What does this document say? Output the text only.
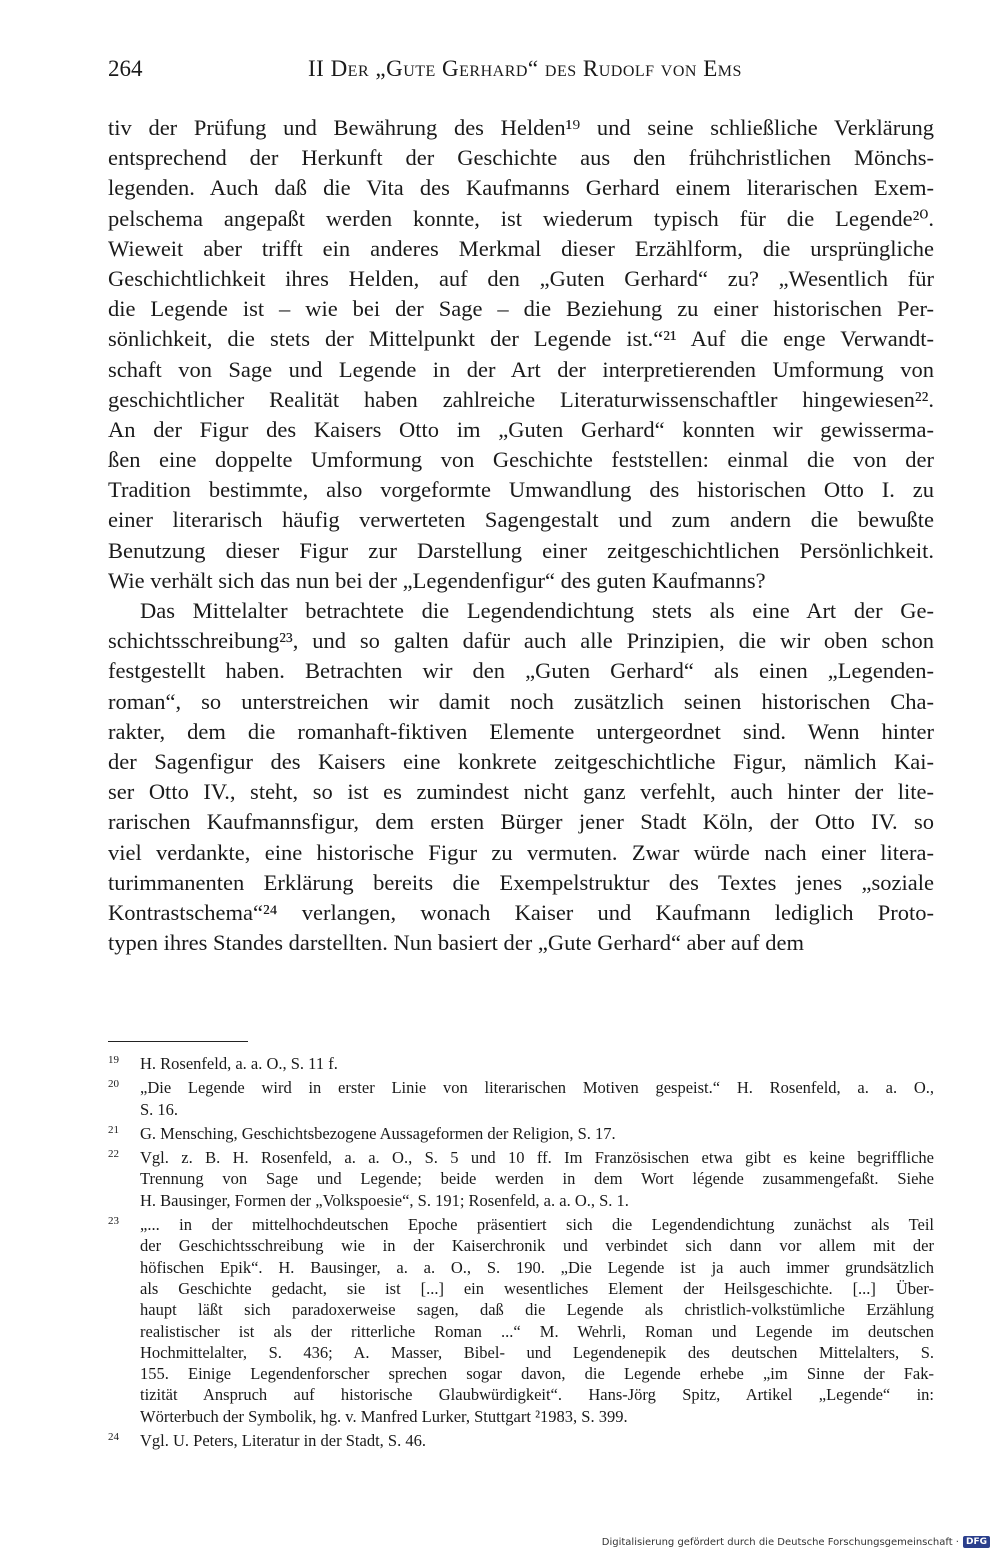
264	II Der „Gute Gerhard“ des Rudolf von Ems
tiv der Prüfung und Bewährung des Helden¹⁹ und seine schließliche Verklärung
entsprechend der Herkunft der Geschichte aus den frühchristlichen Mönchs-
legenden. Auch daß die Vita des Kaufmanns Gerhard einem literarischen Exem-
pelschema angepaßt werden konnte, ist wiederum typisch für die Legende²⁰.
Wieweit aber trifft ein anderes Merkmal dieser Erzählform, die ursprüngliche
Geschichtlichkeit ihres Helden, auf den „Guten Gerhard“ zu? „Wesentlich für
die Legende ist – wie bei der Sage – die Beziehung zu einer historischen Per-
sönlichkeit, die stets der Mittelpunkt der Legende ist.“²¹ Auf die enge Verwandt-
schaft von Sage und Legende in der Art der interpretierenden Umformung von
geschichtlicher Realität haben zahlreiche Literaturwissenschaftler hingewiesen²².
An der Figur des Kaisers Otto im „Guten Gerhard“ konnten wir gewisserma-
ßen eine doppelte Umformung von Geschichte feststellen: einmal die von der
Tradition bestimmte, also vorgeformte Umwandlung des historischen Otto I. zu
einer literarisch häufig verwerteten Sagengestalt und zum andern die bewußte
Benutzung dieser Figur zur Darstellung einer zeitgeschichtlichen Persönlichkeit.
Wie verhält sich das nun bei der „Legendenfigur“ des guten Kaufmanns?
Das Mittelalter betrachtete die Legendendichtung stets als eine Art der Ge-
schichtsschreibung²³, und so galten dafür auch alle Prinzipien, die wir oben schon
festgestellt haben. Betrachten wir den „Guten Gerhard“ als einen „Legenden-
roman“, so unterstreichen wir damit noch zusätzlich seinen historischen Cha-
rakter, dem die romanhaft-fiktiven Elemente untergeordnet sind. Wenn hinter
der Sagenfigur des Kaisers eine konkrete zeitgeschichtliche Figur, nämlich Kai-
ser Otto IV., steht, so ist es zumindest nicht ganz verfehlt, auch hinter der lite-
rarischen Kaufmannsfigur, dem ersten Bürger jener Stadt Köln, der Otto IV. so
viel verdankte, eine historische Figur zu vermuten. Zwar würde nach einer litera-
turimmanenten Erklärung bereits die Exempelstruktur des Textes jenes „soziale
Kontrastschema“²⁴ verlangen, wonach Kaiser und Kaufmann lediglich Proto-
typen ihres Standes darstellten. Nun basiert der „Gute Gerhard“ aber auf dem
19 H. Rosenfeld, a. a. O., S. 11 f.
20 „Die Legende wird in erster Linie von literarischen Motiven gespeist.“ H. Rosenfeld, a. a. O.,
S. 16.
21 G. Mensching, Geschichtsbezogene Aussageformen der Religion, S. 17.
22 Vgl. z. B. H. Rosenfeld, a. a. O., S. 5 und 10 ff. Im Französischen etwa gibt es keine begriffliche
Trennung von Sage und Legende; beide werden in dem Wort légende zusammengefaßt. Siehe
H. Bausinger, Formen der „Volkspoesie“, S. 191; Rosenfeld, a. a. O., S. 1.
23 „... in der mittelhochdeutschen Epoche präsentiert sich die Legendendichtung zunächst als Teil
der Geschichtsschreibung wie in der Kaiserchronik und verbindet sich dann vor allem mit der
höfischen Epik“. H. Bausinger, a. a. O., S. 190. „Die Legende ist ja auch immer grundsätzlich
als Geschichte gedacht, sie ist [...] ein wesentliches Element der Heilsgeschichte. [...] Über-
haupt läßt sich paradoxerweise sagen, daß die Legende als christlich-volkstümliche Erzählung
realistischer ist als der ritterliche Roman ...“ M. Wehrli, Roman und Legende im deutschen
Hochmittelalter, S. 436; A. Masser, Bibel- und Legendenepik des deutschen Mittelalters, S.
155. Einige Legendenforscher sprechen sogar davon, die Legende erhebe „im Sinne der Fak-
tizität Anspruch auf historische Glaubwürdigkeit“. Hans-Jörg Spitz, Artikel „Legende“ in:
Wörterbuch der Symbolik, hg. v. Manfred Lurker, Stuttgart ²1983, S. 399.
24 Vgl. U. Peters, Literatur in der Stadt, S. 46.
Digitalisierung gefördert durch die Deutsche Forschungsgemeinschaft · DFG
